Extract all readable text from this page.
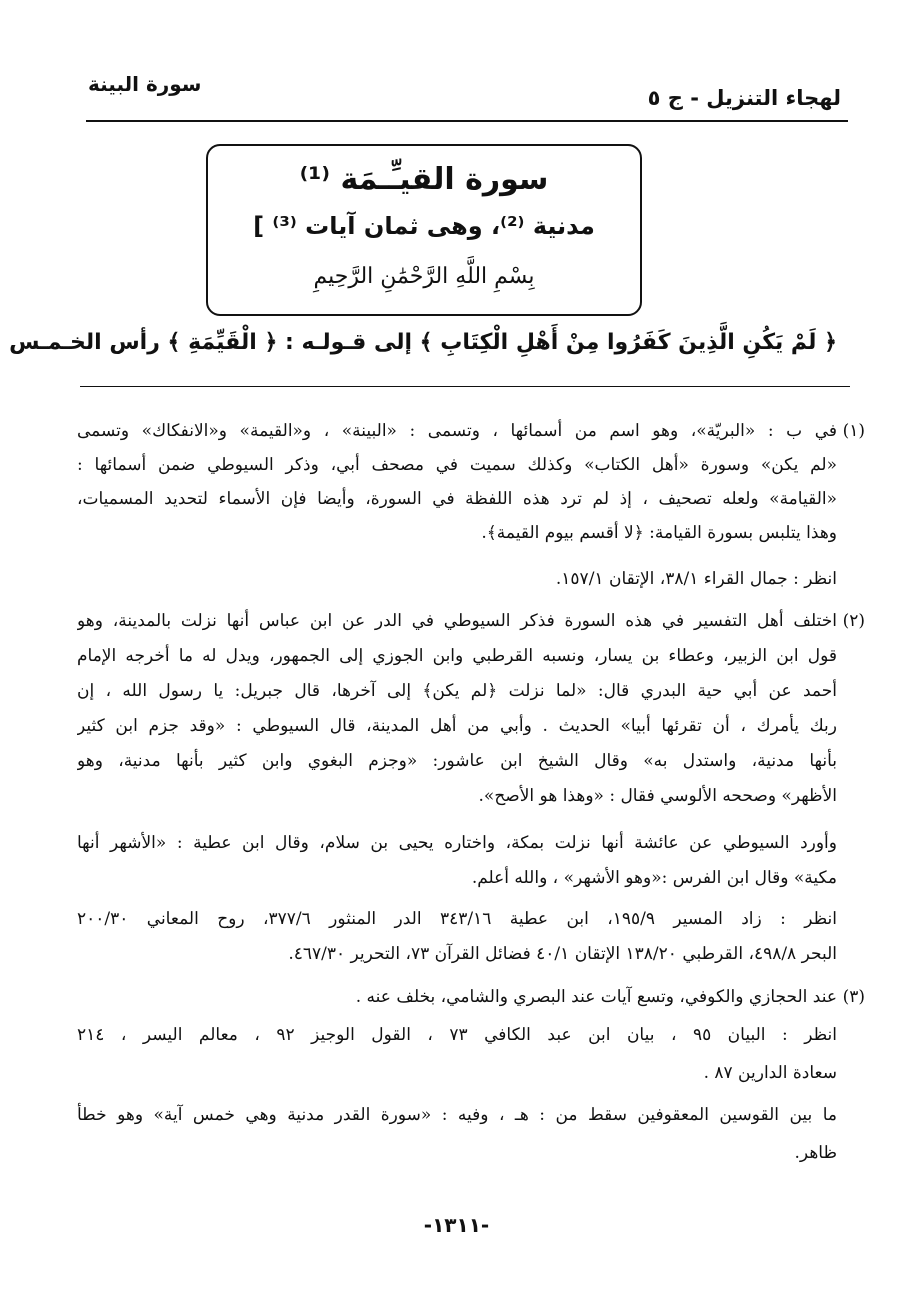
سورة البينة
لهجاء التنزيل - ج ٥
سورة القيـِّـمَة ⁽¹⁾
مدنية ⁽²⁾، وهى ثمان آيات ⁽³⁾ ]
بِسْمِ اللَّهِ الرَّحْمَٰنِ الرَّحِيمِ
﴿ لَمْ يَكُنِ الَّذِينَ كَفَرُوا مِنْ أَهْلِ الْكِتَابِ ﴾ إلى قـولـه : ﴿ الْقَيِّمَةِ ﴾ رأس الخـمـس
(١)
في ب : «البريّة»، وهو اسم من أسمائها ، وتسمى : «البينة» ، و«القيمة» و«الانفكاك» وتسمى
«لم يكن» وسورة «أهل الكتاب» وكذلك سميت في مصحف أبي، وذكر السيوطي ضمن أسمائها :
«القيامة» ولعله تصحيف ، إذ لم ترد هذه اللفظة في السورة، وأيضا فإن الأسماء لتحديد المسميات،
وهذا يتلبس بسورة القيامة: ﴿لا أقسم بيوم القيمة﴾.
انظر : جمال القراء ٣٨/١، الإتقان ١٥٧/١.
(٢)
اختلف أهل التفسير في هذه السورة فذكر السيوطي في الدر عن ابن عباس أنها نزلت بالمدينة، وهو
قول ابن الزبير، وعطاء بن يسار، ونسبه القرطبي وابن الجوزي إلى الجمهور، ويدل له ما أخرجه الإمام
أحمد عن أبي حية البدري قال: «لما نزلت ﴿لم يكن﴾ إلى آخرها، قال جبريل: يا رسول الله ، إن
ربك يأمرك ، أن تقرئها أبيا» الحديث . وأبي من أهل المدينة، قال السيوطي : «وقد جزم ابن كثير
بأنها مدنية، واستدل به» وقال الشيخ ابن عاشور: «وجزم البغوي وابن كثير بأنها مدنية، وهو
الأظهر» وصححه الألوسي فقال : «وهذا هو الأصح».
وأورد السيوطي عن عائشة أنها نزلت بمكة، واختاره يحيى بن سلام، وقال ابن عطية : «الأشهر أنها
مكية» وقال ابن الفرس :«وهو الأشهر» ، والله أعلم.
انظر : زاد المسير ١٩٥/٩، ابن عطية ٣٤٣/١٦ الدر المنثور ٣٧٧/٦، روح المعاني ٢٠٠/٣٠
البحر ٤٩٨/٨، القرطبي ١٣٨/٢٠ الإتقان ٤٠/١ فضائل القرآن ٧٣، التحرير ٤٦٧/٣٠.
(٣)
عند الحجازي والكوفي، وتسع آيات عند البصري والشامي، بخلف عنه .
انظر : البيان ٩٥ ، بيان ابن عبد الكافي ٧٣ ، القول الوجيز ٩٢ ، معالم اليسر ، ٢١٤
سعادة الدارين ٨٧ .
ما بين القوسين المعقوفين سقط من : هـ ، وفيه : «سورة القدر مدنية وهي خمس آية» وهو خطأ
ظاهر.
-١٣١١-
